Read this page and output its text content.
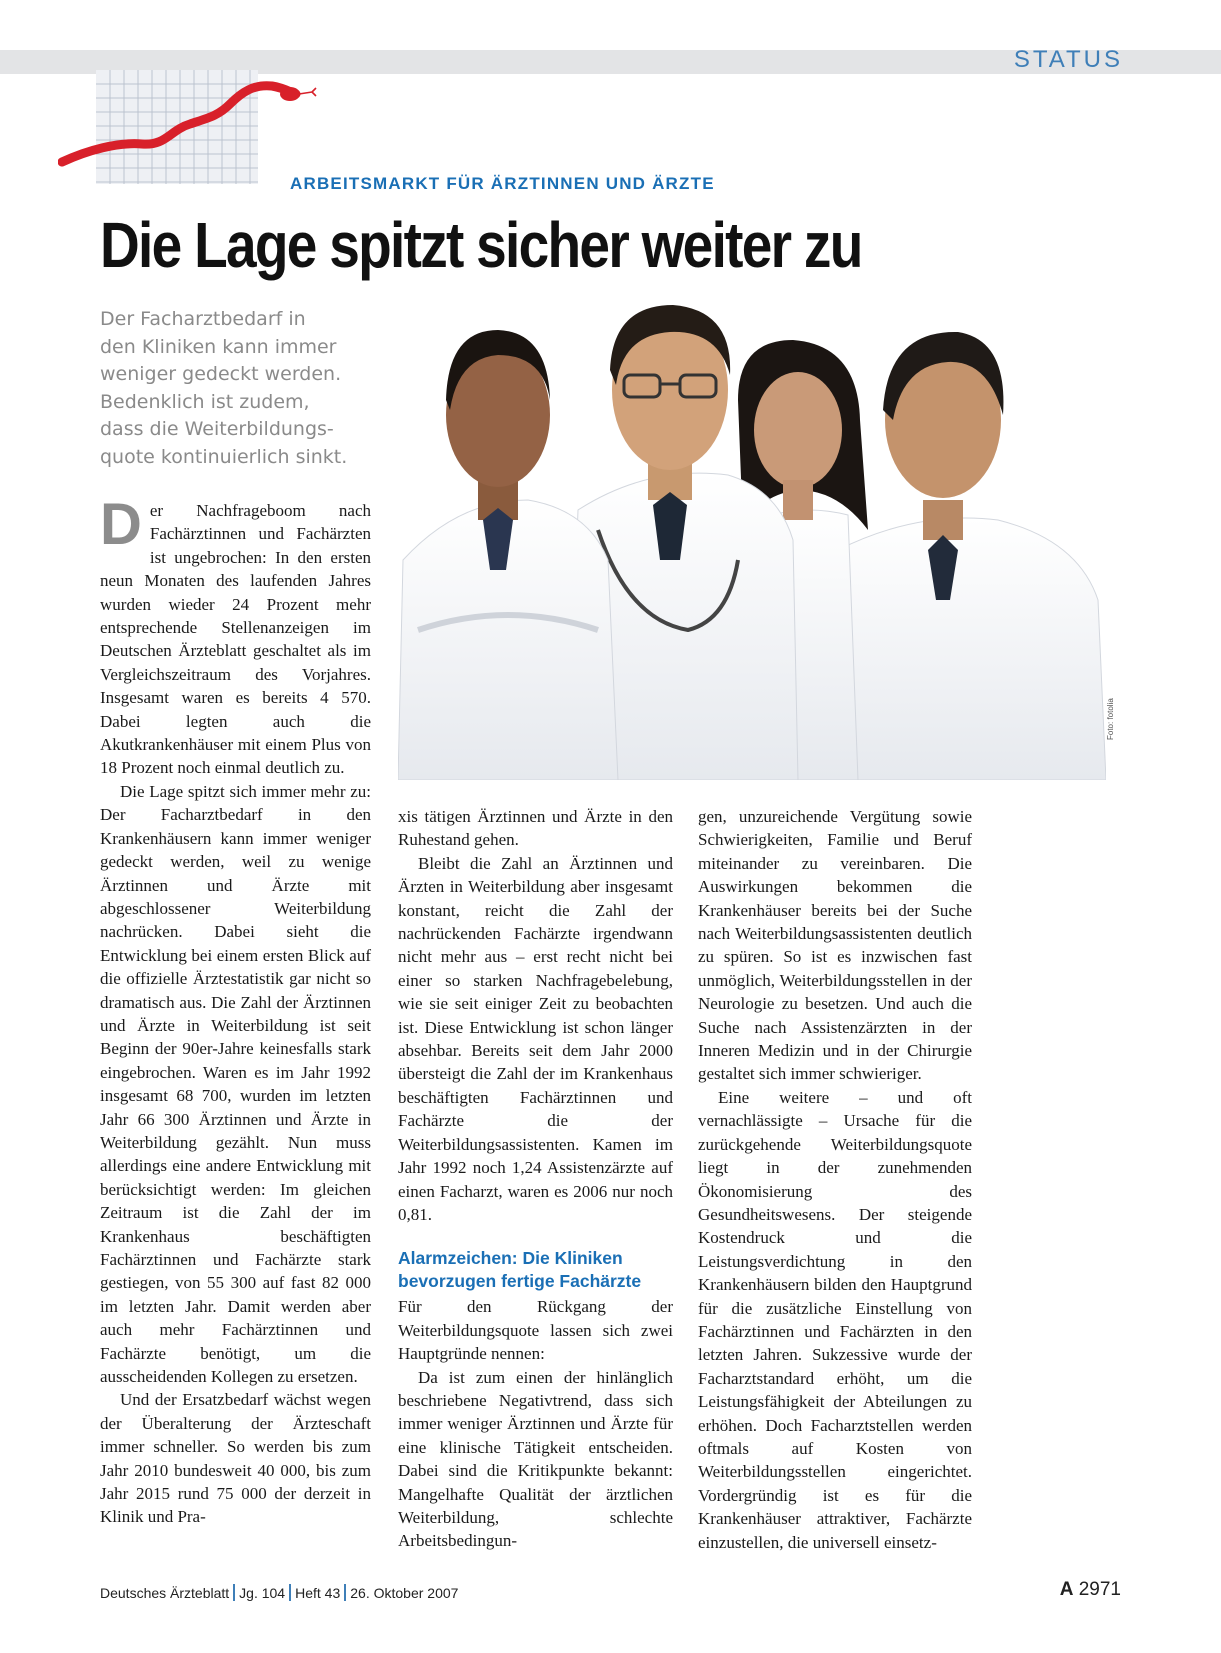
STATUS
ARBEITSMARKT FÜR ÄRZTINNEN UND ÄRZTE
Die Lage spitzt sicher weiter zu
Der Facharztbedarf in
den Kliniken kann immer
weniger gedeckt werden.
Bedenklich ist zudem,
dass die Weiterbildungs-
quote kontinuierlich sinkt.
Foto: fotolia

D er Nachfrageboom nach Fachärztinnen und Fachärzten ist ungebrochen: In den ersten neun Monaten des laufenden Jahres wurden wieder 24 Prozent mehr entsprechende Stellenanzeigen im Deutschen Ärzteblatt geschaltet als im Vergleichszeitraum des Vorjahres. Insgesamt waren es bereits 4 570. Dabei legten auch die Akutkrankenhäuser mit einem Plus von 18 Prozent noch einmal deutlich zu.

Die Lage spitzt sich immer mehr zu: Der Facharztbedarf in den Krankenhäusern kann immer weniger gedeckt werden, weil zu wenige Ärztinnen und Ärzte mit abgeschlossener Weiterbildung nachrücken. Dabei sieht die Entwicklung bei einem ersten Blick auf die offizielle Ärztestatistik gar nicht so dramatisch aus. Die Zahl der Ärztinnen und Ärzte in Weiterbildung ist seit Beginn der 90er-Jahre keinesfalls stark eingebrochen. Waren es im Jahr 1992 insgesamt 68 700, wurden im letzten Jahr 66 300 Ärztinnen und Ärzte in Weiterbildung gezählt. Nun muss allerdings eine andere Entwicklung mit berücksichtigt werden: Im gleichen Zeitraum ist die Zahl der im Krankenhaus beschäftigten Fachärztinnen und Fachärzte stark gestiegen, von 55 300 auf fast 82 000 im letzten Jahr. Damit werden aber auch mehr Fachärztinnen und Fachärzte benötigt, um die ausscheidenden Kollegen zu ersetzen.

Und der Ersatzbedarf wächst wegen der Überalterung der Ärzteschaft immer schneller. So werden bis zum Jahr 2010 bundesweit 40 000, bis zum Jahr 2015 rund 75 000 der derzeit in Klinik und Pra-

xis tätigen Ärztinnen und Ärzte in den Ruhestand gehen.

Bleibt die Zahl an Ärztinnen und Ärzten in Weiterbildung aber insgesamt konstant, reicht die Zahl der nachrückenden Fachärzte irgendwann nicht mehr aus – erst recht nicht bei einer so starken Nachfragebelebung, wie sie seit einiger Zeit zu beobachten ist. Diese Entwicklung ist schon länger absehbar. Bereits seit dem Jahr 2000 übersteigt die Zahl der im Krankenhaus beschäftigten Fachärztinnen und Fachärzte die der Weiterbildungsassistenten. Kamen im Jahr 1992 noch 1,24 Assistenzärzte auf einen Facharzt, waren es 2006 nur noch 0,81.

Alarmzeichen: Die Kliniken bevorzugen fertige Fachärzte

Für den Rückgang der Weiterbildungsquote lassen sich zwei Hauptgründe nennen:

Da ist zum einen der hinlänglich beschriebene Negativtrend, dass sich immer weniger Ärztinnen und Ärzte für eine klinische Tätigkeit entscheiden. Dabei sind die Kritikpunkte bekannt: Mangelhafte Qualität der ärztlichen Weiterbildung, schlechte Arbeitsbedingun-

gen, unzureichende Vergütung sowie Schwierigkeiten, Familie und Beruf miteinander zu vereinbaren. Die Auswirkungen bekommen die Krankenhäuser bereits bei der Suche nach Weiterbildungsassistenten deutlich zu spüren. So ist es inzwischen fast unmöglich, Weiterbildungsstellen in der Neurologie zu besetzen. Und auch die Suche nach Assistenzärzten in der Inneren Medizin und in der Chirurgie gestaltet sich immer schwieriger.

Eine weitere – und oft vernachlässigte – Ursache für die zurückgehende Weiterbildungsquote liegt in der zunehmenden Ökonomisierung des Gesundheitswesens. Der steigende Kostendruck und die Leistungsverdichtung in den Krankenhäusern bilden den Hauptgrund für die zusätzliche Einstellung von Fachärztinnen und Fachärzten in den letzten Jahren. Sukzessive wurde der Facharztstandard erhöht, um die Leistungsfähigkeit der Abteilungen zu erhöhen. Doch Facharztstellen werden oftmals auf Kosten von Weiterbildungsstellen eingerichtet. Vordergründig ist es für die Krankenhäuser attraktiver, Fachärzte einzustellen, die universell einsetz-

Deutsches Ärzteblatt Jg. 104 Heft 43 26. Oktober 2007	A 2971
